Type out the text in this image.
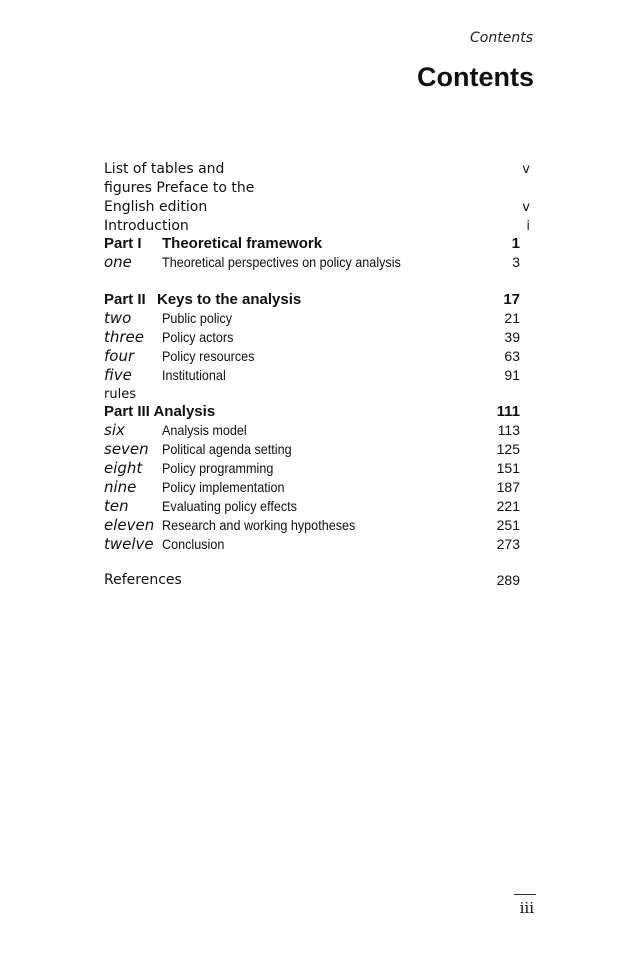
Contents
Contents
List of tables and	v
figures Preface to the
English edition	v
Introduction	i
Part I Theoretical framework	1
one Theoretical perspectives on policy analysis	3
Part II Keys to the analysis	17
two Public policy	21
three Policy actors	39
four Policy resources	63
five Institutional	91
rules
Part III Analysis	111
six	Analysis model	113
seven Political agenda setting	125
eight Policy programming	151
nine Policy implementation	187
ten Evaluating policy effects	221
eleven Research and working hypotheses	251
twelve Conclusion	273
References	289
iii
